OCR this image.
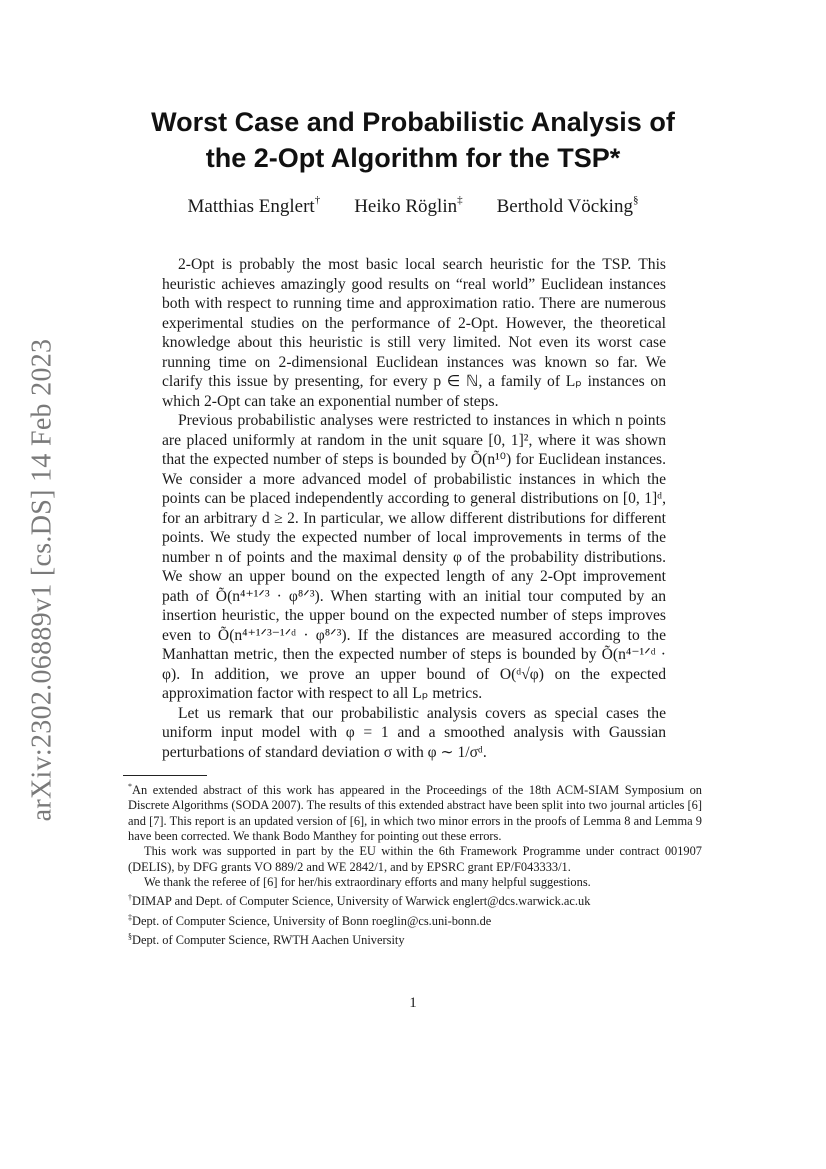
arXiv:2302.06889v1 [cs.DS] 14 Feb 2023
Worst Case and Probabilistic Analysis of
the 2-Opt Algorithm for the TSP*
Matthias Englert† Heiko Röglin‡ Berthold Vöcking§

2-Opt is probably the most basic local search heuristic for the TSP. This heuristic achieves amazingly good results on “real world” Euclidean instances both with respect to running time and approximation ratio. There are numerous experimental studies on the performance of 2-Opt. However, the theoretical knowledge about this heuristic is still very limited. Not even its worst case running time on 2-dimensional Euclidean instances was known so far. We clarify this issue by presenting, for every p ∈ ℕ, a family of Lₚ instances on which 2-Opt can take an exponential number of steps.

Previous probabilistic analyses were restricted to instances in which n points are placed uniformly at random in the unit square [0, 1]², where it was shown that the expected number of steps is bounded by Õ(n¹⁰) for Euclidean instances. We consider a more advanced model of probabilistic instances in which the points can be placed independently according to general distributions on [0, 1]ᵈ, for an arbitrary d ≥ 2. In particular, we allow different distributions for different points. We study the expected number of local improvements in terms of the number n of points and the maximal density φ of the probability distributions. We show an upper bound on the expected length of any 2-Opt improvement path of Õ(n⁴⁺¹ᐟ³ · φ⁸ᐟ³). When starting with an initial tour computed by an insertion heuristic, the upper bound on the expected number of steps improves even to Õ(n⁴⁺¹ᐟ³⁻¹ᐟᵈ · φ⁸ᐟ³). If the distances are measured according to the Manhattan metric, then the expected number of steps is bounded by Õ(n⁴⁻¹ᐟᵈ · φ). In addition, we prove an upper bound of O(ᵈ√φ) on the expected approximation factor with respect to all Lₚ metrics.

Let us remark that our probabilistic analysis covers as special cases the uniform input model with φ = 1 and a smoothed analysis with Gaussian perturbations of standard deviation σ with φ ∼ 1/σᵈ.

*An extended abstract of this work has appeared in the Proceedings of the 18th ACM-SIAM Symposium on Discrete Algorithms (SODA 2007). The results of this extended abstract have been split into two journal articles [6] and [7]. This report is an updated version of [6], in which two minor errors in the proofs of Lemma 8 and Lemma 9 have been corrected. We thank Bodo Manthey for pointing out these errors.

This work was supported in part by the EU within the 6th Framework Programme under contract 001907 (DELIS), by DFG grants VO 889/2 and WE 2842/1, and by EPSRC grant EP/F043333/1.

We thank the referee of [6] for her/his extraordinary efforts and many helpful suggestions.

†DIMAP and Dept. of Computer Science, University of Warwick englert@dcs.warwick.ac.uk

‡Dept. of Computer Science, University of Bonn roeglin@cs.uni-bonn.de

§Dept. of Computer Science, RWTH Aachen University

1
